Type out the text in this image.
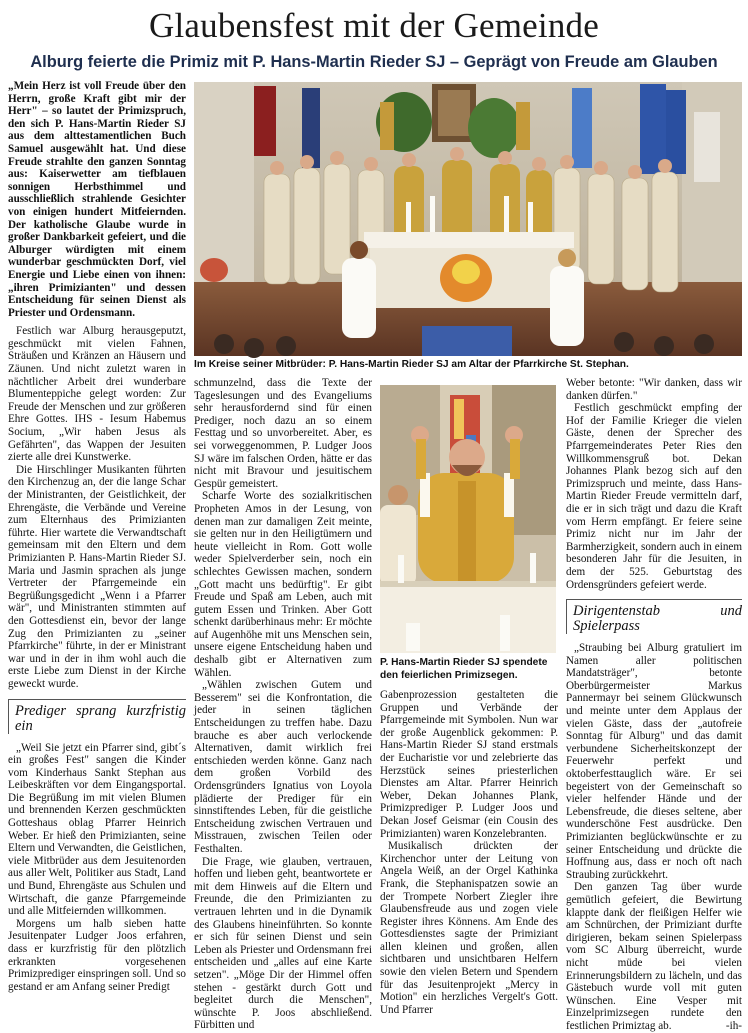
Glaubensfest mit der Gemeinde
Alburg feierte die Primiz mit P. Hans-Martin Rieder SJ – Geprägt von Freude am Glauben

„Mein Herz ist voll Freude über den Herrn, große Kraft gibt mir der Herr" – so lautet der Primizspruch, den sich P. Hans-Martin Rieder SJ aus dem alttestamentlichen Buch Samuel ausgewählt hat. Und diese Freude strahlte den ganzen Sonntag aus: Kaiserwetter am tiefblauen sonnigen Herbsthimmel und ausschließlich strahlende Gesichter von einigen hundert Mitfeiernden. Der katholische Glaube wurde in großer Dankbarkeit gefeiert, und die Alburger würdigten mit einem wunderbar geschmückten Dorf, viel Energie und Liebe einen von ihnen: „ihren Primizianten" und dessen Entscheidung für seinen Dienst als Priester und Ordensmann.

Festlich war Alburg herausgeputzt, geschmückt mit vielen Fahnen, Sträußen und Kränzen an Häusern und Zäunen. Und nicht zuletzt waren in nächtlicher Arbeit drei wunderbare Blumenteppiche gelegt worden: Zur Freude der Menschen und zur größeren Ehre Gottes. IHS - Iesum Habemus Socium, „Wir haben Jesus als Gefährten", das Wappen der Jesuiten zierte alle drei Kunstwerke.

Die Hirschlinger Musikanten führten den Kirchenzug an, der die lange Schar der Ministranten, der Geistlichkeit, der Ehrengäste, die Verbände und Vereine zum Elternhaus des Primizianten führte. Hier wartete die Verwandtschaft gemeinsam mit den Eltern und dem Primizianten P. Hans-Martin Rieder SJ. Maria und Jasmin sprachen als junge Vertreter der Pfarrgemeinde ein Begrüßungsgedicht „Wenn i a Pfarrer wär", und Ministranten stimmten auf den Gottesdienst ein, bevor der lange Zug den Primizianten zu „seiner Pfarrkirche" führte, in der er Ministrant war und in der in ihm wohl auch die erste Liebe zum Dienst in der Kirche geweckt wurde.

Prediger sprang kurzfristig ein

„Weil Sie jetzt ein Pfarrer sind, gibt´s ein großes Fest" sangen die Kinder vom Kinderhaus Sankt Stephan aus Leibeskräften vor dem Eingangsportal. Die Begrüßung im mit vielen Blumen und brennenden Kerzen geschmückten Gotteshaus oblag Pfarrer Heinrich Weber. Er hieß den Primizianten, seine Eltern und Verwandten, die Geistlichen, viele Mitbrüder aus dem Jesuitenorden aus aller Welt, Politiker aus Stadt, Land und Bund, Ehrengäste aus Schulen und Wirtschaft, die ganze Pfarrgemeinde und alle Mitfeiernden willkommen.

Morgens um halb sieben hatte Jesuitenpater Ludger Joos erfahren, dass er kurzfristig für den plötzlich erkrankten vorgesehenen Primizprediger einspringen soll. Und so gestand er am Anfang seiner Predigt

Im Kreise seiner Mitbrüder: P. Hans-Martin Rieder SJ am Altar der Pfarrkirche St. Stephan.

schmunzelnd, dass die Texte der Tageslesungen und des Evangeliums sehr herausfordernd sind für einen Prediger, noch dazu an so einem Festtag und so unvorbereitet. Aber, es sei vorweggenommen, P. Ludger Joos SJ wäre im falschen Orden, hätte er das nicht mit Bravour und jesuitischem Gespür gemeistert.

Scharfe Worte des sozialkritischen Propheten Amos in der Lesung, von denen man zur damaligen Zeit meinte, sie gelten nur in den Heiligtümern und heute vielleicht in Rom. Gott wolle weder Spielverderber sein, noch ein schlechtes Gewissen machen, sondern „Gott macht uns bedürftig". Er gibt Freude und Spaß am Leben, auch mit gutem Essen und Trinken. Aber Gott schenkt darüberhinaus mehr: Er möchte auf Augenhöhe mit uns Menschen sein, unsere eigene Entscheidung haben und deshalb gibt er Alternativen zum Wählen.

„Wählen zwischen Gutem und Besserem" sei die Konfrontation, die jeder in seinen täglichen Entscheidungen zu treffen habe. Dazu brauche es aber auch verlockende Alternativen, damit wirklich frei entschieden werden könne. Ganz nach dem großen Vorbild des Ordensgründers Ignatius von Loyola plädierte der Prediger für ein sinnstiftendes Leben, für die geistliche Entscheidung zwischen Vertrauen und Misstrauen, zwischen Teilen oder Festhalten.

Die Frage, wie glauben, vertrauen, hoffen und lieben geht, beantwortete er mit dem Hinweis auf die Eltern und Freunde, die den Primizianten zu vertrauen lehrten und in die Dynamik des Glaubens hineinführten. So konnte er sich für seinen Dienst und sein Leben als Priester und Ordensmann frei entscheiden und „alles auf eine Karte setzen". „Möge Dir der Himmel offen stehen - gestärkt durch Gott und begleitet durch die Menschen", wünschte P. Joos abschließend. Fürbitten und

P. Hans-Martin Rieder SJ spendete den feierlichen Primizsegen.

Gabenprozession gestalteten die Gruppen und Verbände der Pfarrgemeinde mit Symbolen. Nun war der große Augenblick gekommen: P. Hans-Martin Rieder SJ stand erstmals der Eucharistie vor und zelebrierte das Herzstück seines priesterlichen Dienstes am Altar. Pfarrer Heinrich Weber, Dekan Johannes Plank, Primizprediger P. Ludger Joos und Dekan Josef Geismar (ein Cousin des Primizianten) waren Konzelebranten.

Musikalisch drückten der Kirchenchor unter der Leitung von Angela Weiß, an der Orgel Kathinka Frank, die Stephanispatzen sowie an der Trompete Norbert Ziegler ihre Glaubensfreude aus und zogen viele Register ihres Könnens. Am Ende des Gottesdienstes sagte der Primiziant allen kleinen und großen, allen sichtbaren und unsichtbaren Helfern sowie den vielen Betern und Spendern für das Jesuitenprojekt „Mercy in Motion" ein herzliches Vergelt's Gott. Und Pfarrer

Weber betonte: "Wir danken, dass wir danken dürfen."

Festlich geschmückt empfing der Hof der Familie Krieger die vielen Gäste, denen der Sprecher des Pfarrgemeinderates Peter Ries den Willkommensgruß bot. Dekan Johannes Plank bezog sich auf den Primizspruch und meinte, dass Hans-Martin Rieder Freude vermitteln darf, die er in sich trägt und dazu die Kraft vom Herrn empfängt. Er feiere seine Primiz nicht nur im Jahr der Barmherzigkeit, sondern auch in einem besonderen Jahr für die Jesuiten, in dem der 525. Geburtstag des Ordensgründers gefeiert werde.

Dirigentenstab und Spielerpass

„Straubing bei Alburg gratuliert im Namen aller politischen Mandatsträger", betonte Oberbürgermeister Markus Pannermayr bei seinem Glückwunsch und meinte unter dem Applaus der vielen Gäste, dass der „autofreie Sonntag für Alburg" und das damit verbundene Sicherheitskonzept der Feuerwehr perfekt und oktoberfesttauglich wäre. Er sei begeistert von der Gemeinschaft so vieler helfender Hände und der Lebensfreude, die dieses seltene, aber wunderschöne Fest ausdrücke. Den Primizianten beglückwünschte er zu seiner Entscheidung und drückte die Hoffnung aus, dass er noch oft nach Straubing zurückkehrt.

Den ganzen Tag über wurde gemütlich gefeiert, die Bewirtung klappte dank der fleißigen Helfer wie am Schnürchen, der Primiziant durfte dirigieren, bekam seinen Spielerpass vom SC Alburg überreicht, wurde nicht müde bei vielen Erinnerungsbildern zu lächeln, und das Gästebuch wurde voll mit guten Wünschen. Eine Vesper mit Einzelprimizsegen rundete den festlichen Primiztag ab.	-ih-
